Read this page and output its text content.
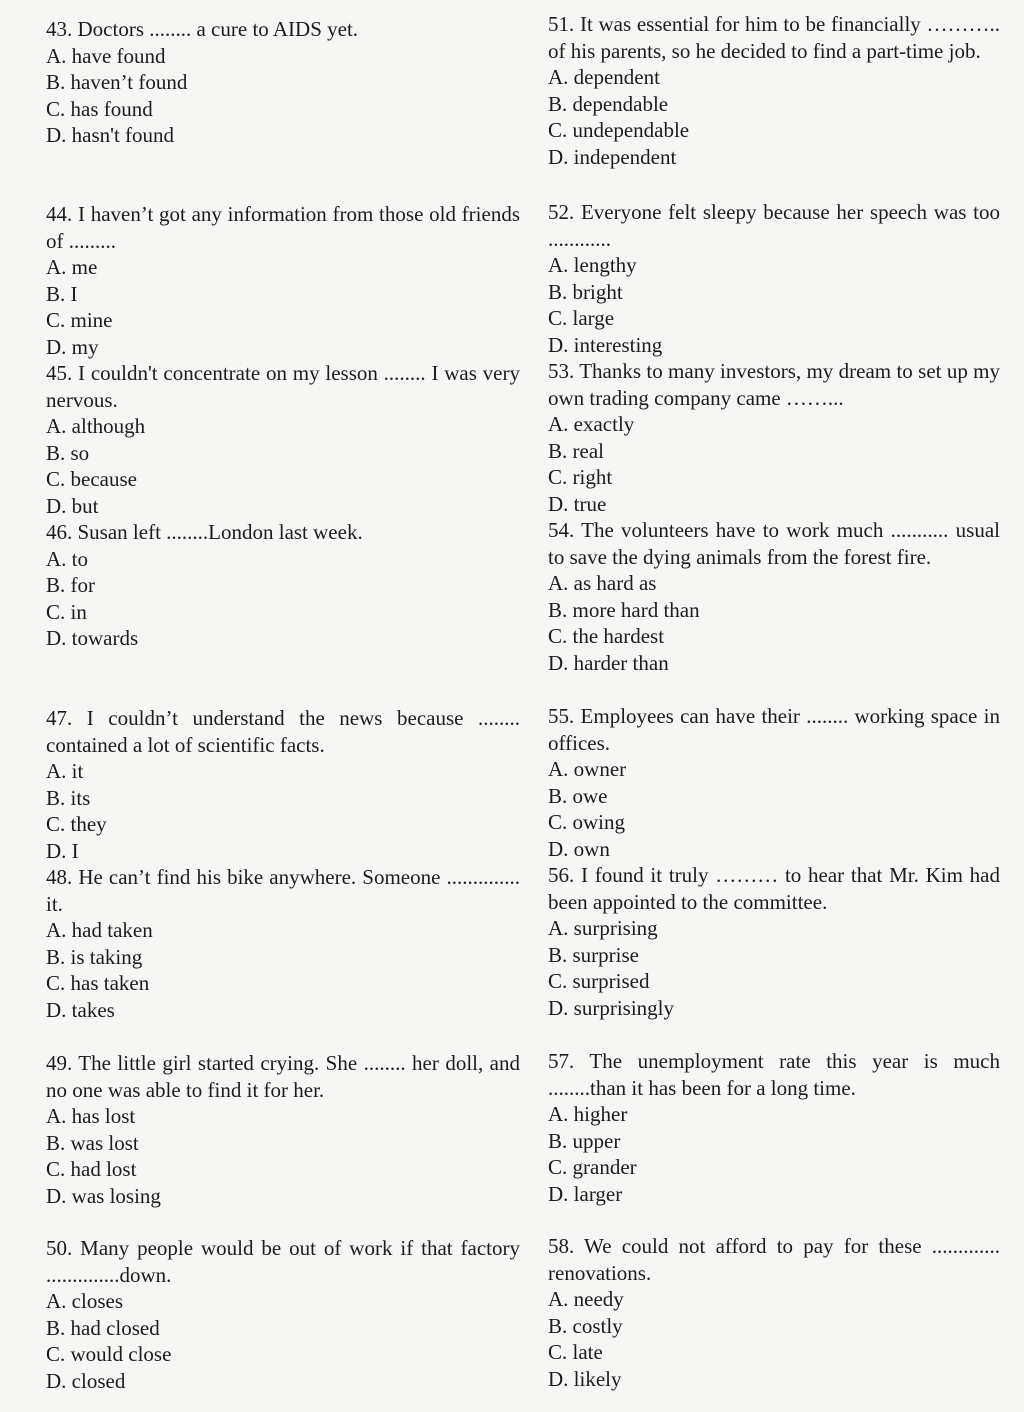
43. Doctors ........ a cure to AIDS yet.

A. have found
B. haven’t found
C. has found
D. hasn't found

44. I haven’t got any information from those old friends of .........

A. me
B. I
C. mine
D. my

45. I couldn't concentrate on my lesson ........ I was very nervous.

A. although
B. so
C. because
D. but

46. Susan left ........London last week.

A. to
B. for
C. in
D. towards

47. I couldn’t understand the news because ........ contained a lot of scientific facts.

A. it
B. its
C. they
D. I

48. He can’t find his bike anywhere. Someone .............. it.

A. had taken
B. is taking
C. has taken
D. takes

49. The little girl started crying. She ........ her doll, and no one was able to find it for her.

A. has lost
B. was lost
C. had lost
D. was losing

50. Many people would be out of work if that factory ..............down.

A. closes
B. had closed
C. would close
D. closed

51. It was essential for him to be financially ……….. of his parents, so he decided to find a part-time job.

A. dependent
B. dependable
C. undependable
D. independent

52. Everyone felt sleepy because her speech was too ............

A. lengthy
B. bright
C. large
D. interesting

53. Thanks to many investors, my dream to set up my own trading company came ……...

A. exactly
B. real
C. right
D. true

54. The volunteers have to work much ........... usual to save the dying animals from the forest fire.

A. as hard as
B. more hard than
C. the hardest
D. harder than

55. Employees can have their ........ working space in offices.

A. owner
B. owe
C. owing
D. own

56. I found it truly ……… to hear that Mr. Kim had been appointed to the committee.

A. surprising
B. surprise
C. surprised
D. surprisingly

57. The unemployment rate this year is much ........than it has been for a long time.

A. higher
B. upper
C. grander
D. larger

58. We could not afford to pay for these ............. renovations.

A. needy
B. costly
C. late
D. likely
